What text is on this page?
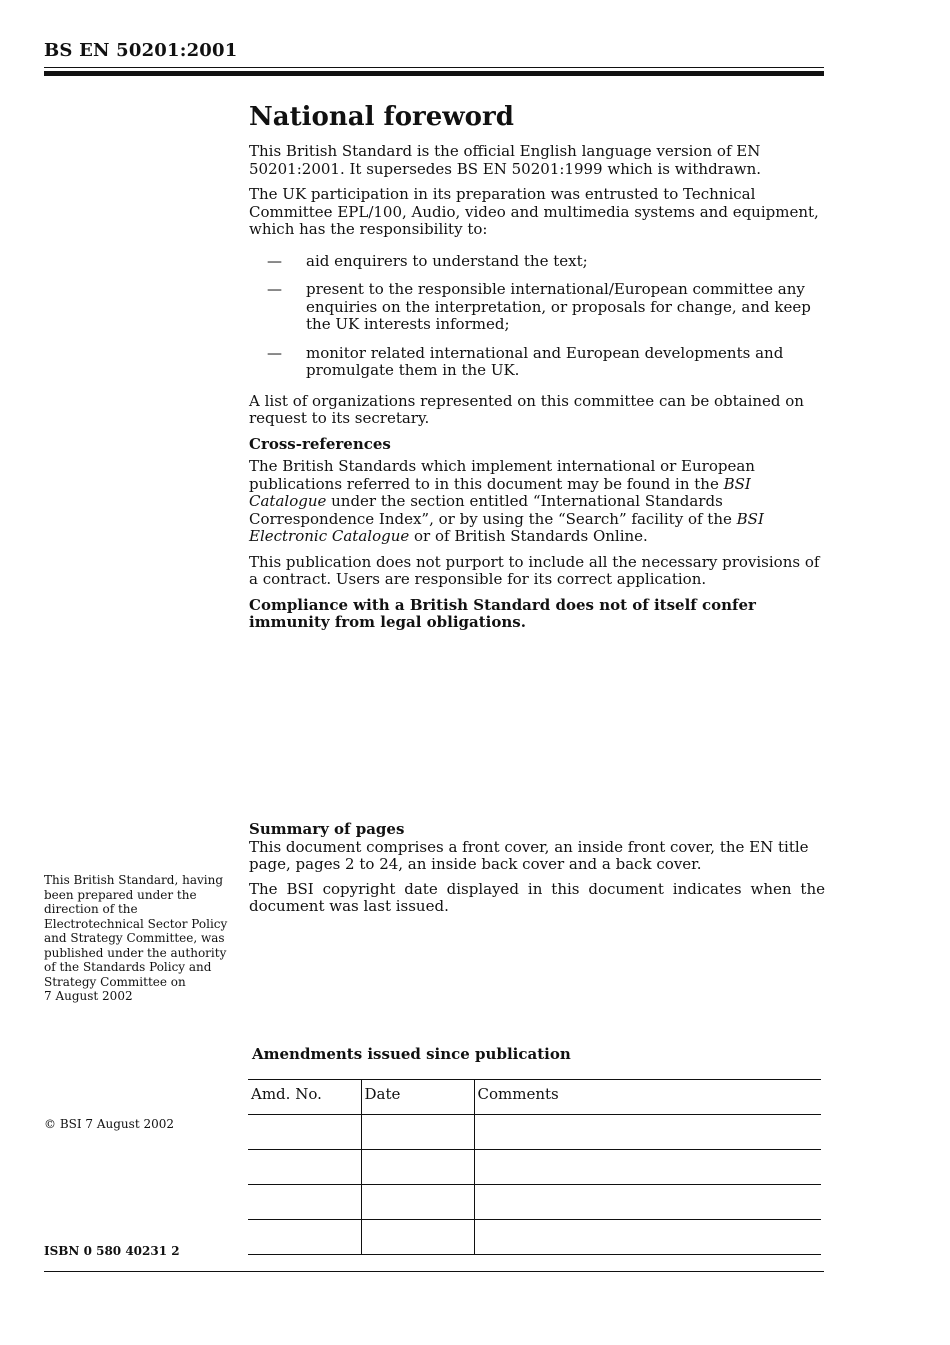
BS EN 50201:2001
National foreword

This British Standard is the official English language version of EN 50201:2001. It supersedes BS EN 50201:1999 which is withdrawn.

The UK participation in its preparation was entrusted to Technical Committee EPL/100, Audio, video and multimedia systems and equipment, which has the responsibility to:

— aid enquirers to understand the text;
— present to the responsible international/European committee any enquiries on the interpretation, or proposals for change, and keep the UK interests informed;
— monitor related international and European developments and promulgate them in the UK.

A list of organizations represented on this committee can be obtained on request to its secretary.

Cross-references

The British Standards which implement international or European publications referred to in this document may be found in the BSI Catalogue under the section entitled “International Standards Correspondence Index”, or by using the “Search” facility of the BSI Electronic Catalogue or of British Standards Online.

This publication does not purport to include all the necessary provisions of a contract. Users are responsible for its correct application.

Compliance with a British Standard does not of itself confer immunity from legal obligations.

Summary of pages

This document comprises a front cover, an inside front cover, the EN title page, pages 2 to 24, an inside back cover and a back cover.

The BSI copyright date displayed in this document indicates when the document was last issued.

This British Standard, having
been prepared under the
direction of the
Electrotechnical Sector Policy
and Strategy Committee, was
published under the authority
of the Standards Policy and
Strategy Committee on
7 August 2002
Amendments issued since publication
Amd. No.	Date	Comments

© BSI 7 August 2002
ISBN 0 580 40231 2
